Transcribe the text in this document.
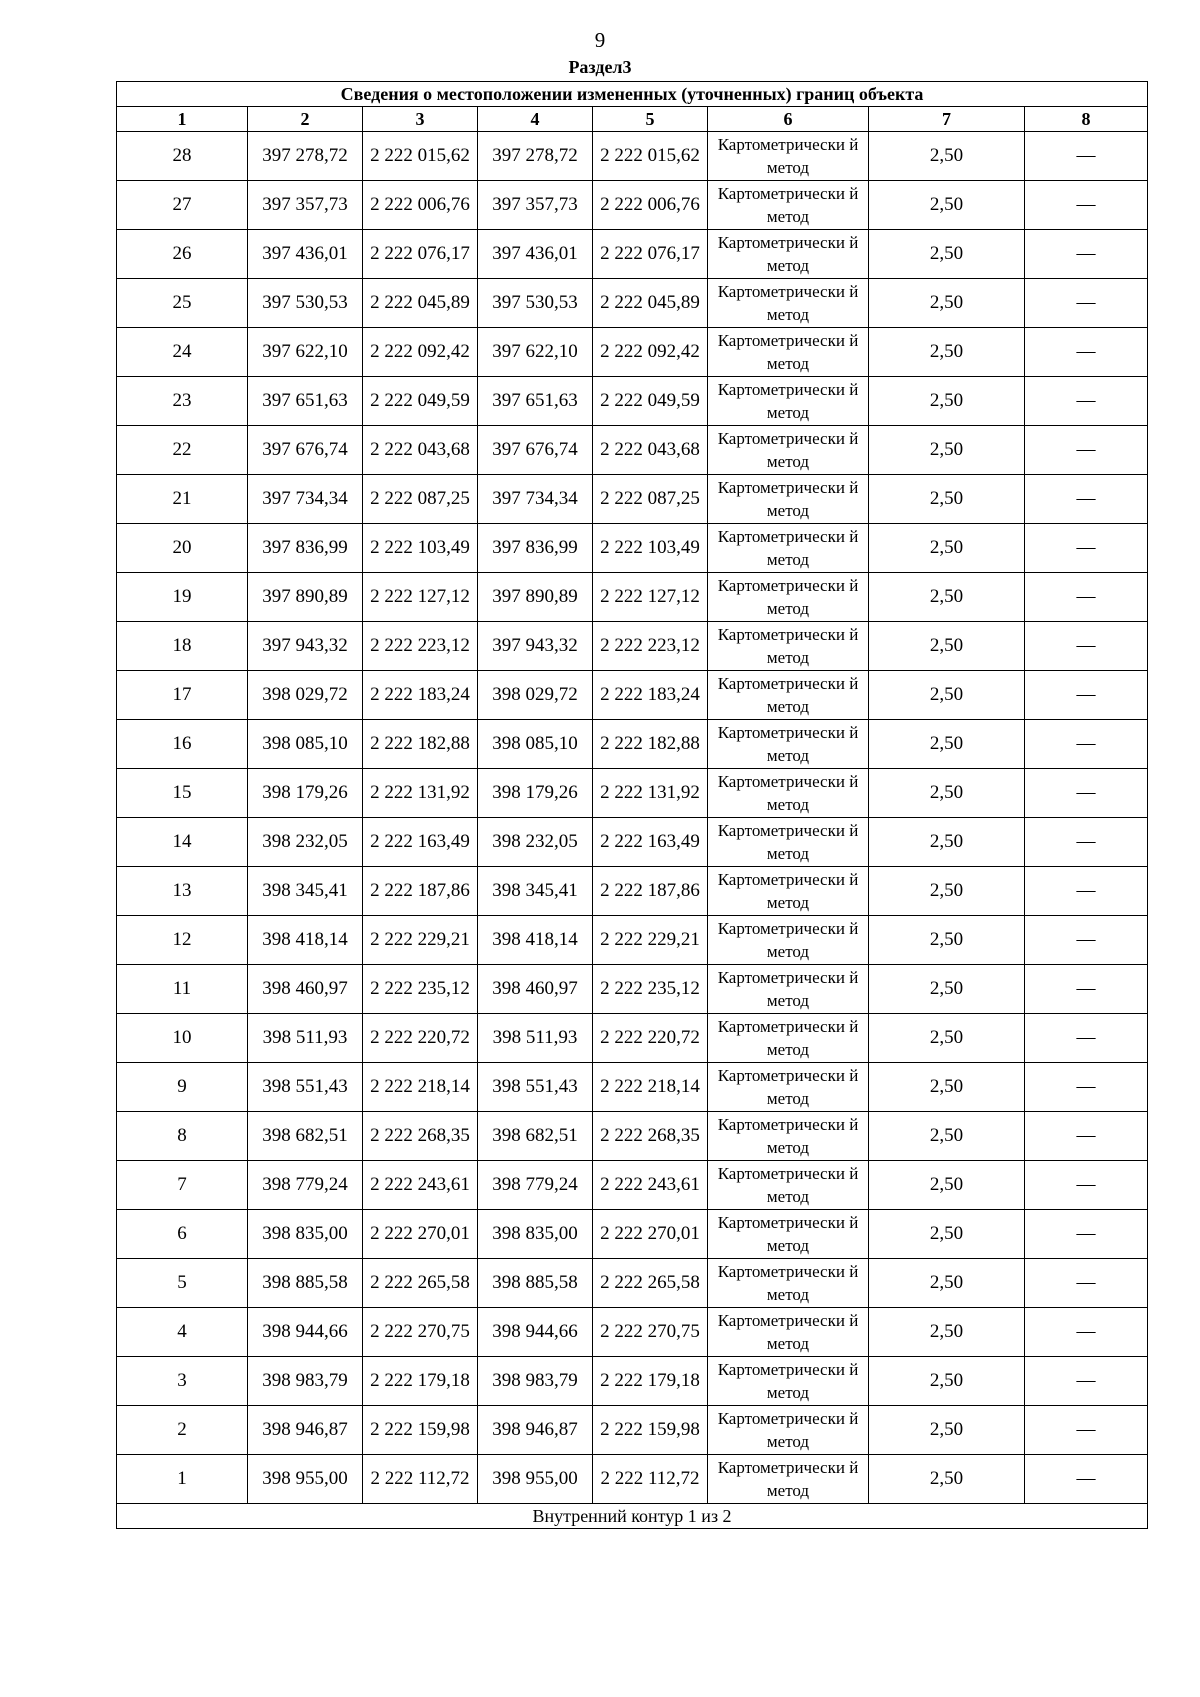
9
Раздел3
Сведения о местоположении измененных (уточненных) границ объекта							
1	2	3	4	5	6	7	8
28	397 278,72	2 222 015,62	397 278,72	2 222 015,62	Картометрически й метод	2,50	—
27	397 357,73	2 222 006,76	397 357,73	2 222 006,76	Картометрически й метод	2,50	—
26	397 436,01	2 222 076,17	397 436,01	2 222 076,17	Картометрически й метод	2,50	—
25	397 530,53	2 222 045,89	397 530,53	2 222 045,89	Картометрически й метод	2,50	—
24	397 622,10	2 222 092,42	397 622,10	2 222 092,42	Картометрически й метод	2,50	—
23	397 651,63	2 222 049,59	397 651,63	2 222 049,59	Картометрически й метод	2,50	—
22	397 676,74	2 222 043,68	397 676,74	2 222 043,68	Картометрически й метод	2,50	—
21	397 734,34	2 222 087,25	397 734,34	2 222 087,25	Картометрически й метод	2,50	—
20	397 836,99	2 222 103,49	397 836,99	2 222 103,49	Картометрически й метод	2,50	—
19	397 890,89	2 222 127,12	397 890,89	2 222 127,12	Картометрически й метод	2,50	—
18	397 943,32	2 222 223,12	397 943,32	2 222 223,12	Картометрически й метод	2,50	—
17	398 029,72	2 222 183,24	398 029,72	2 222 183,24	Картометрически й метод	2,50	—
16	398 085,10	2 222 182,88	398 085,10	2 222 182,88	Картометрически й метод	2,50	—
15	398 179,26	2 222 131,92	398 179,26	2 222 131,92	Картометрически й метод	2,50	—
14	398 232,05	2 222 163,49	398 232,05	2 222 163,49	Картометрически й метод	2,50	—
13	398 345,41	2 222 187,86	398 345,41	2 222 187,86	Картометрически й метод	2,50	—
12	398 418,14	2 222 229,21	398 418,14	2 222 229,21	Картометрически й метод	2,50	—
11	398 460,97	2 222 235,12	398 460,97	2 222 235,12	Картометрически й метод	2,50	—
10	398 511,93	2 222 220,72	398 511,93	2 222 220,72	Картометрически й метод	2,50	—
9	398 551,43	2 222 218,14	398 551,43	2 222 218,14	Картометрически й метод	2,50	—
8	398 682,51	2 222 268,35	398 682,51	2 222 268,35	Картометрически й метод	2,50	—
7	398 779,24	2 222 243,61	398 779,24	2 222 243,61	Картометрически й метод	2,50	—
6	398 835,00	2 222 270,01	398 835,00	2 222 270,01	Картометрически й метод	2,50	—
5	398 885,58	2 222 265,58	398 885,58	2 222 265,58	Картометрически й метод	2,50	—
4	398 944,66	2 222 270,75	398 944,66	2 222 270,75	Картометрически й метод	2,50	—
3	398 983,79	2 222 179,18	398 983,79	2 222 179,18	Картометрически й метод	2,50	—
2	398 946,87	2 222 159,98	398 946,87	2 222 159,98	Картометрически й метод	2,50	—
1	398 955,00	2 222 112,72	398 955,00	2 222 112,72	Картометрически й метод	2,50	—
Внутренний контур 1 из 2							
